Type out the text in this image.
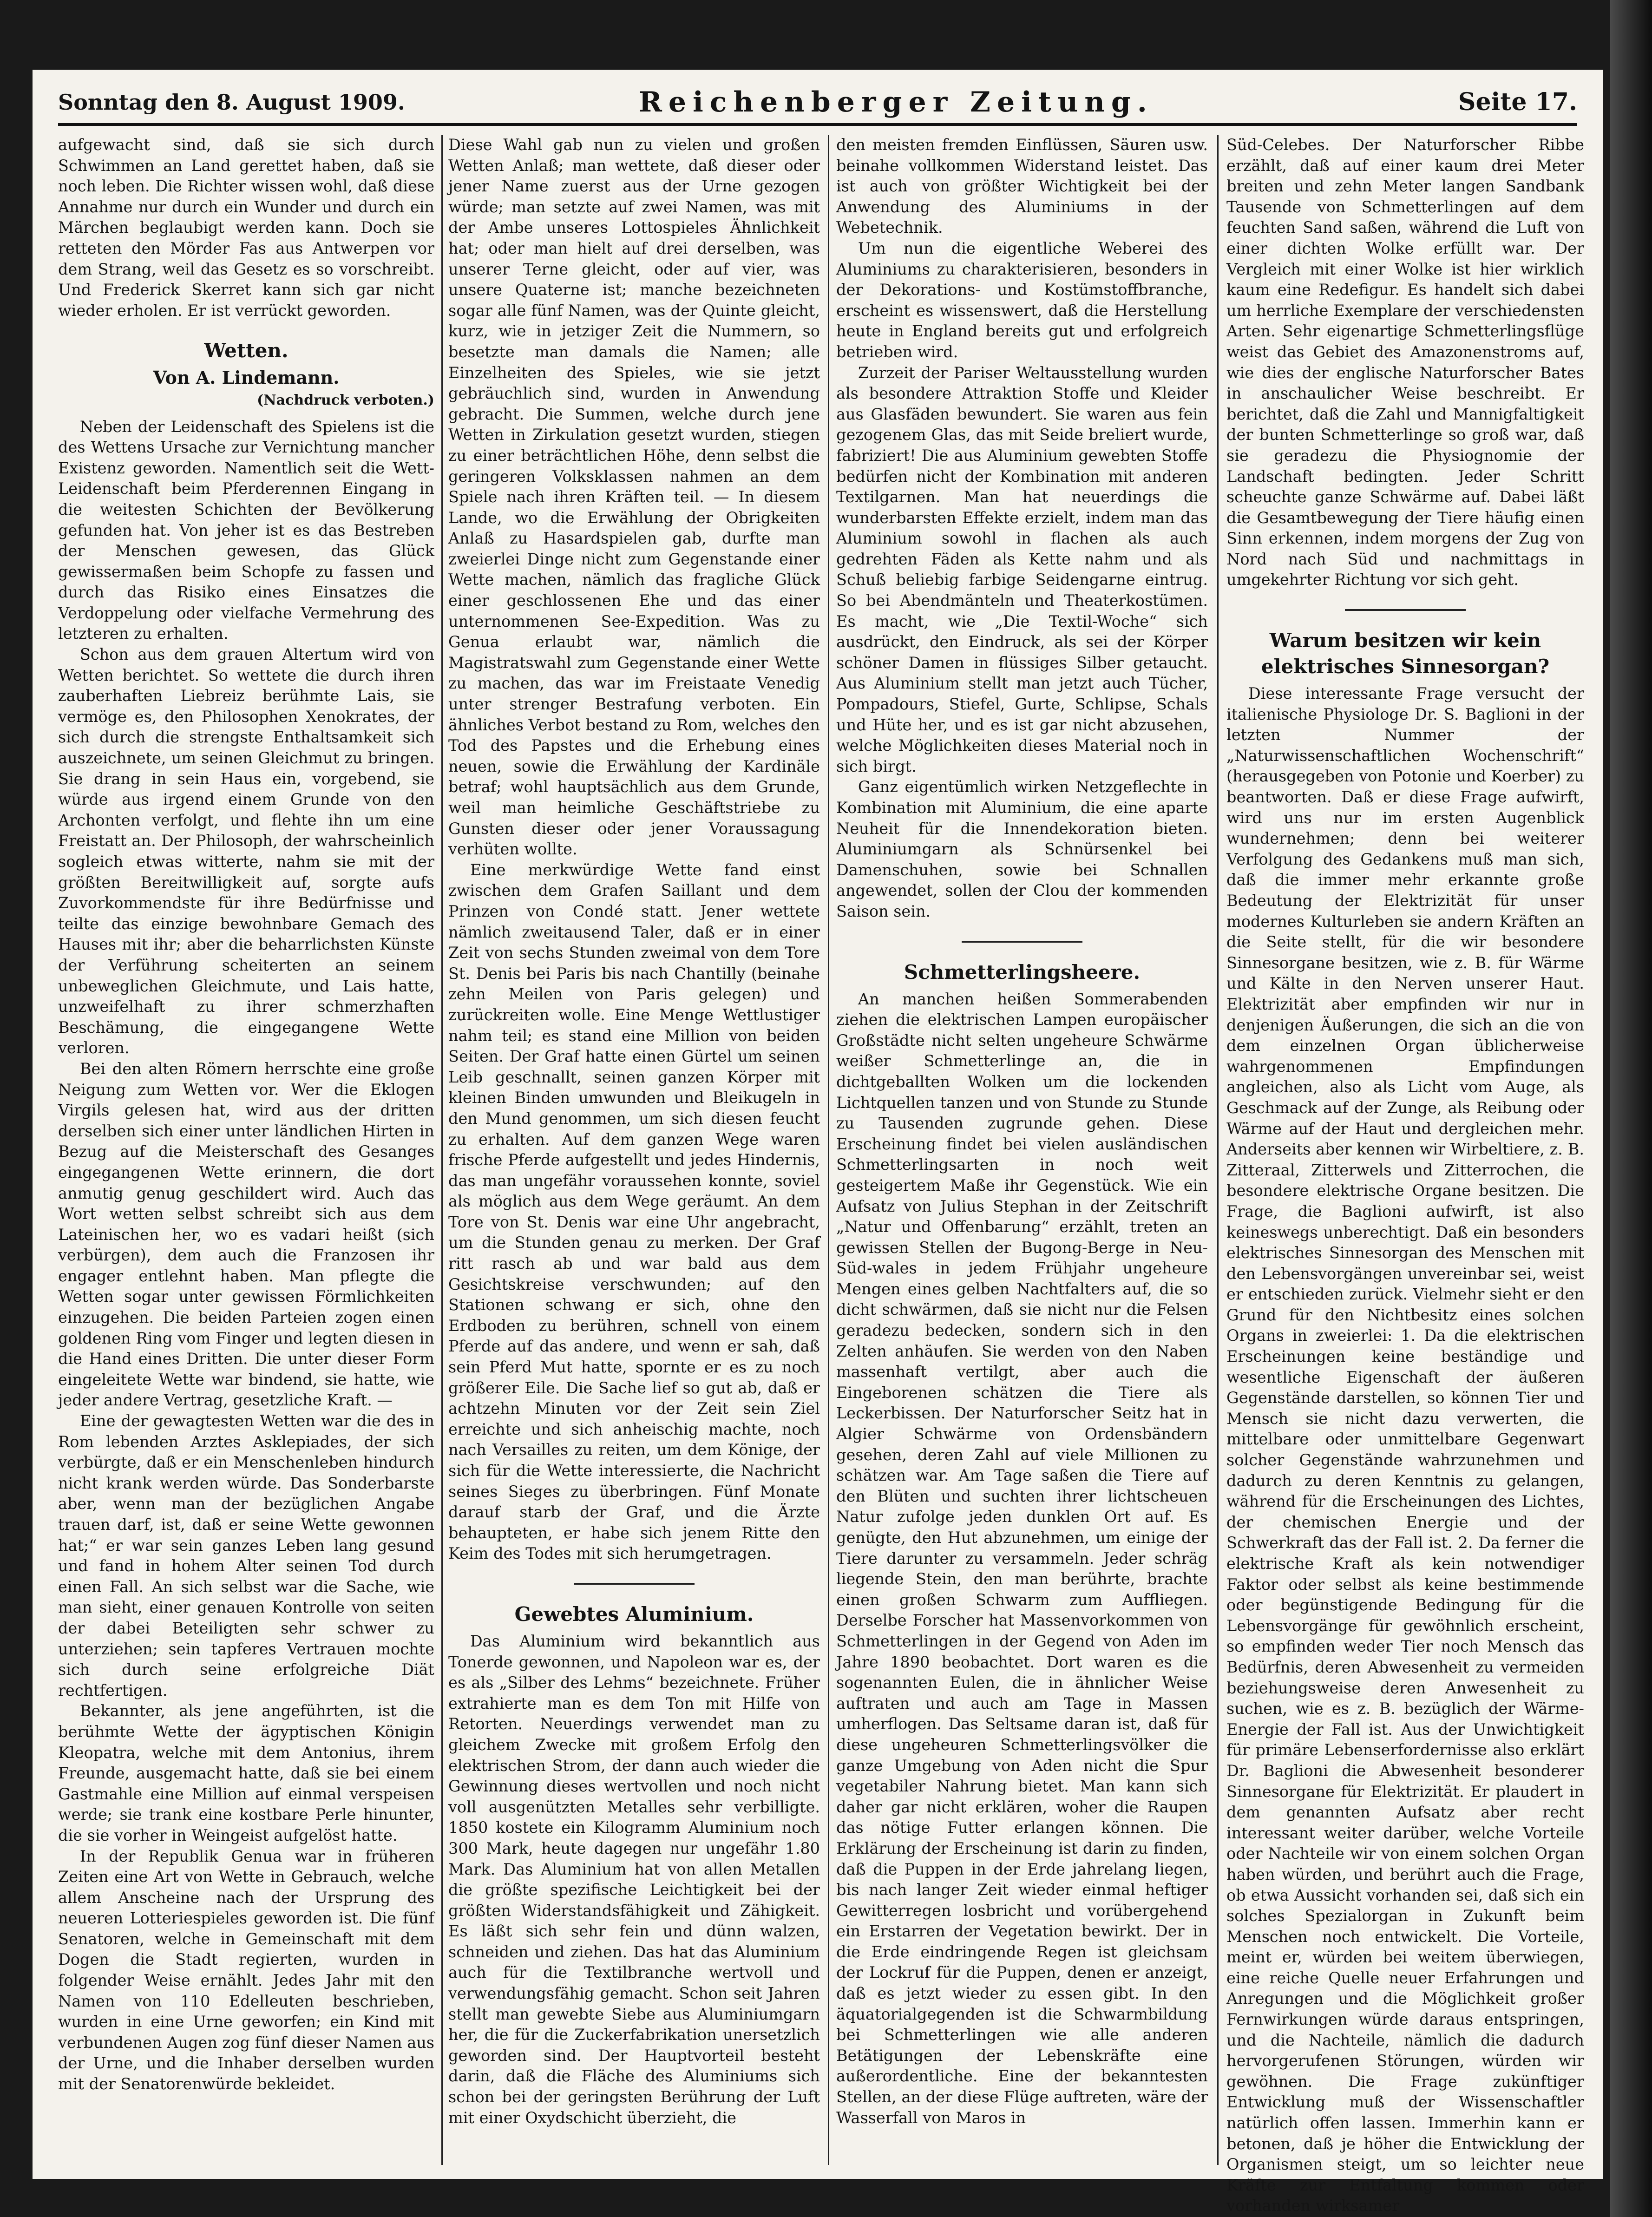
Sonntag den 8. August 1909.	Reichenberger Zeitung.	Seite 17.

aufgewacht sind, daß sie sich durch Schwimmen an Land gerettet haben, daß sie noch leben. Die Richter wissen wohl, daß diese Annahme nur durch ein Wunder und durch ein Märchen beglaubigt werden kann. Doch sie retteten den Mörder Fas aus Antwerpen vor dem Strang, weil das Gesetz es so vorschreibt. Und Frederick Skerret kann sich gar nicht wieder erholen. Er ist verrückt geworden.

Wetten.
Von A. Lindemann.
(Nachdruck verboten.)

Neben der Leidenschaft des Spielens ist die des Wettens Ursache zur Vernichtung mancher Existenz geworden. Namentlich seit die Wett-Leidenschaft beim Pferderennen Eingang in die weitesten Schichten der Bevölkerung gefunden hat. Von jeher ist es das Bestreben der Menschen gewesen, das Glück gewissermaßen beim Schopfe zu fassen und durch das Risiko eines Einsatzes die Verdoppelung oder vielfache Vermehrung des letzteren zu erhalten.

Schon aus dem grauen Altertum wird von Wetten berichtet. So wettete die durch ihren zauberhaften Liebreiz berühmte Lais, sie vermöge es, den Philosophen Xenokrates, der sich durch die strengste Enthaltsamkeit sich auszeichnete, um seinen Gleichmut zu bringen. Sie drang in sein Haus ein, vorgebend, sie würde aus irgend einem Grunde von den Archonten verfolgt, und flehte ihn um eine Freistatt an. Der Philosoph, der wahrscheinlich sogleich etwas witterte, nahm sie mit der größten Bereitwilligkeit auf, sorgte aufs Zuvorkommendste für ihre Bedürfnisse und teilte das einzige bewohnbare Gemach des Hauses mit ihr; aber die beharrlichsten Künste der Verführung scheiterten an seinem unbeweglichen Gleichmute, und Lais hatte, unzweifelhaft zu ihrer schmerzhaften Beschämung, die eingegangene Wette verloren.

Bei den alten Römern herrschte eine große Neigung zum Wetten vor. Wer die Eklogen Virgils gelesen hat, wird aus der dritten derselben sich einer unter ländlichen Hirten in Bezug auf die Meisterschaft des Gesanges eingegangenen Wette erinnern, die dort anmutig genug geschildert wird. Auch das Wort wetten selbst schreibt sich aus dem Lateinischen her, wo es vadari heißt (sich verbürgen), dem auch die Franzosen ihr engager entlehnt haben. Man pflegte die Wetten sogar unter gewissen Förmlichkeiten einzugehen. Die beiden Parteien zogen einen goldenen Ring vom Finger und legten diesen in die Hand eines Dritten. Die unter dieser Form eingeleitete Wette war bindend, sie hatte, wie jeder andere Vertrag, gesetzliche Kraft. —

Eine der gewagtesten Wetten war die des in Rom lebenden Arztes Asklepiades, der sich verbürgte, daß er ein Menschenleben hindurch nicht krank werden würde. Das Sonderbarste aber, wenn man der bezüglichen Angabe trauen darf, ist, daß er seine Wette gewonnen hat;“ er war sein ganzes Leben lang gesund und fand in hohem Alter seinen Tod durch einen Fall. An sich selbst war die Sache, wie man sieht, einer genauen Kontrolle von seiten der dabei Beteiligten sehr schwer zu unterziehen; sein tapferes Vertrauen mochte sich durch seine erfolgreiche Diät rechtfertigen.

Bekannter, als jene angeführten, ist die berühmte Wette der ägyptischen Königin Kleopatra, welche mit dem Antonius, ihrem Freunde, ausgemacht hatte, daß sie bei einem Gastmahle eine Million auf einmal verspeisen werde; sie trank eine kostbare Perle hinunter, die sie vorher in Weingeist aufgelöst hatte.

In der Republik Genua war in früheren Zeiten eine Art von Wette in Gebrauch, welche allem Anscheine nach der Ursprung des neueren Lotteriespieles geworden ist. Die fünf Senatoren, welche in Gemeinschaft mit dem Dogen die Stadt regierten, wurden in folgender Weise ernählt. Jedes Jahr mit den Namen von 110 Edelleuten beschrieben, wurden in eine Urne geworfen; ein Kind mit verbundenen Augen zog fünf dieser Namen aus der Urne, und die Inhaber derselben wurden mit der Senatorenwürde bekleidet.

Diese Wahl gab nun zu vielen und großen Wetten Anlaß; man wettete, daß dieser oder jener Name zuerst aus der Urne gezogen würde; man setzte auf zwei Namen, was mit der Ambe unseres Lottospieles Ähnlichkeit hat; oder man hielt auf drei derselben, was unserer Terne gleicht, oder auf vier, was unsere Quaterne ist; manche bezeichneten sogar alle fünf Namen, was der Quinte gleicht, kurz, wie in jetziger Zeit die Nummern, so besetzte man damals die Namen; alle Einzelheiten des Spieles, wie sie jetzt gebräuchlich sind, wurden in Anwendung gebracht. Die Summen, welche durch jene Wetten in Zirkulation gesetzt wurden, stiegen zu einer beträchtlichen Höhe, denn selbst die geringeren Volksklassen nahmen an dem Spiele nach ihren Kräften teil. — In diesem Lande, wo die Erwählung der Obrigkeiten Anlaß zu Hasardspielen gab, durfte man zweierlei Dinge nicht zum Gegenstande einer Wette machen, nämlich das fragliche Glück einer geschlossenen Ehe und das einer unternommenen See-Expedition. Was zu Genua erlaubt war, nämlich die Magistratswahl zum Gegenstande einer Wette zu machen, das war im Freistaate Venedig unter strenger Bestrafung verboten. Ein ähnliches Verbot bestand zu Rom, welches den Tod des Papstes und die Erhebung eines neuen, sowie die Erwählung der Kardinäle betraf; wohl hauptsächlich aus dem Grunde, weil man heimliche Geschäftstriebe zu Gunsten dieser oder jener Voraussagung verhüten wollte.

Eine merkwürdige Wette fand einst zwischen dem Grafen Saillant und dem Prinzen von Condé statt. Jener wettete nämlich zweitausend Taler, daß er in einer Zeit von sechs Stunden zweimal von dem Tore St. Denis bei Paris bis nach Chantilly (beinahe zehn Meilen von Paris gelegen) und zurückreiten wolle. Eine Menge Wettlustiger nahm teil; es stand eine Million von beiden Seiten. Der Graf hatte einen Gürtel um seinen Leib geschnallt, seinen ganzen Körper mit kleinen Binden umwunden und Bleikugeln in den Mund genommen, um sich diesen feucht zu erhalten. Auf dem ganzen Wege waren frische Pferde aufgestellt und jedes Hindernis, das man ungefähr voraussehen konnte, soviel als möglich aus dem Wege geräumt. An dem Tore von St. Denis war eine Uhr angebracht, um die Stunden genau zu merken. Der Graf ritt rasch ab und war bald aus dem Gesichtskreise verschwunden; auf den Stationen schwang er sich, ohne den Erdboden zu berühren, schnell von einem Pferde auf das andere, und wenn er sah, daß sein Pferd Mut hatte, spornte er es zu noch größerer Eile. Die Sache lief so gut ab, daß er achtzehn Minuten vor der Zeit sein Ziel erreichte und sich anheischig machte, noch nach Versailles zu reiten, um dem Könige, der sich für die Wette interessierte, die Nachricht seines Sieges zu überbringen. Fünf Monate darauf starb der Graf, und die Ärzte behaupteten, er habe sich jenem Ritte den Keim des Todes mit sich herumgetragen.

Gewebtes Aluminium.

Das Aluminium wird bekanntlich aus Tonerde gewonnen, und Napoleon war es, der es als „Silber des Lehms“ bezeichnete. Früher extrahierte man es dem Ton mit Hilfe von Retorten. Neuerdings verwendet man zu gleichem Zwecke mit großem Erfolg den elektrischen Strom, der dann auch wieder die Gewinnung dieses wertvollen und noch nicht voll ausgenützten Metalles sehr verbilligte. 1850 kostete ein Kilogramm Aluminium noch 300 Mark, heute dagegen nur ungefähr 1.80 Mark. Das Aluminium hat von allen Metallen die größte spezifische Leichtigkeit bei der größten Widerstandsfähigkeit und Zähigkeit. Es läßt sich sehr fein und dünn walzen, schneiden und ziehen. Das hat das Aluminium auch für die Textilbranche wertvoll und verwendungsfähig gemacht. Schon seit Jahren stellt man gewebte Siebe aus Aluminiumgarn her, die für die Zuckerfabrikation unersetzlich geworden sind. Der Hauptvorteil besteht darin, daß die Fläche des Aluminiums sich schon bei der geringsten Berührung der Luft mit einer Oxydschicht überzieht, die

den meisten fremden Einflüssen, Säuren usw. beinahe vollkommen Widerstand leistet. Das ist auch von größter Wichtigkeit bei der Anwendung des Aluminiums in der Webetechnik.

Um nun die eigentliche Weberei des Aluminiums zu charakterisieren, besonders in der Dekorations- und Kostümstoffbranche, erscheint es wissenswert, daß die Herstellung heute in England bereits gut und erfolgreich betrieben wird.

Zurzeit der Pariser Weltausstellung wurden als besondere Attraktion Stoffe und Kleider aus Glasfäden bewundert. Sie waren aus fein gezogenem Glas, das mit Seide breliert wurde, fabriziert! Die aus Aluminium gewebten Stoffe bedürfen nicht der Kombination mit anderen Textilgarnen. Man hat neuerdings die wunderbarsten Effekte erzielt, indem man das Aluminium sowohl in flachen als auch gedrehten Fäden als Kette nahm und als Schuß beliebig farbige Seidengarne eintrug. So bei Abendmänteln und Theaterkostümen. Es macht, wie „Die Textil-Woche“ sich ausdrückt, den Eindruck, als sei der Körper schöner Damen in flüssiges Silber getaucht. Aus Aluminium stellt man jetzt auch Tücher, Pompadours, Stiefel, Gurte, Schlipse, Schals und Hüte her, und es ist gar nicht abzusehen, welche Möglichkeiten dieses Material noch in sich birgt.

Ganz eigentümlich wirken Netzgeflechte in Kombination mit Aluminium, die eine aparte Neuheit für die Innendekoration bieten. Aluminiumgarn als Schnürsenkel bei Damenschuhen, sowie bei Schnallen angewendet, sollen der Clou der kommenden Saison sein.

Schmetterlingsheere.

An manchen heißen Sommerabenden ziehen die elektrischen Lampen europäischer Großstädte nicht selten ungeheure Schwärme weißer Schmetterlinge an, die in dichtgeballten Wolken um die lockenden Lichtquellen tanzen und von Stunde zu Stunde zu Tausenden zugrunde gehen. Diese Erscheinung findet bei vielen ausländischen Schmetterlingsarten in noch weit gesteigertem Maße ihr Gegenstück. Wie ein Aufsatz von Julius Stephan in der Zeitschrift „Natur und Offenbarung“ erzählt, treten an gewissen Stellen der Bugong-Berge in Neu-Süd-wales in jedem Frühjahr ungeheure Mengen eines gelben Nachtfalters auf, die so dicht schwärmen, daß sie nicht nur die Felsen geradezu bedecken, sondern sich in den Zelten anhäufen. Sie werden von den Naben massenhaft vertilgt, aber auch die Eingeborenen schätzen die Tiere als Leckerbissen. Der Naturforscher Seitz hat in Algier Schwärme von Ordensbändern gesehen, deren Zahl auf viele Millionen zu schätzen war. Am Tage saßen die Tiere auf den Blüten und suchten ihrer lichtscheuen Natur zufolge jeden dunklen Ort auf. Es genügte, den Hut abzunehmen, um einige der Tiere darunter zu versammeln. Jeder schräg liegende Stein, den man berührte, brachte einen großen Schwarm zum Auffliegen. Derselbe Forscher hat Massenvorkommen von Schmetterlingen in der Gegend von Aden im Jahre 1890 beobachtet. Dort waren es die sogenannten Eulen, die in ähnlicher Weise auftraten und auch am Tage in Massen umherflogen. Das Seltsame daran ist, daß für diese ungeheuren Schmetterlingsvölker die ganze Umgebung von Aden nicht die Spur vegetabiler Nahrung bietet. Man kann sich daher gar nicht erklären, woher die Raupen das nötige Futter erlangen können. Die Erklärung der Erscheinung ist darin zu finden, daß die Puppen in der Erde jahrelang liegen, bis nach langer Zeit wieder einmal heftiger Gewitterregen losbricht und vorübergehend ein Erstarren der Vegetation bewirkt. Der in die Erde eindringende Regen ist gleichsam der Lockruf für die Puppen, denen er anzeigt, daß es jetzt wieder zu essen gibt. In den äquatorialgegenden ist die Schwarmbildung bei Schmetterlingen wie alle anderen Betätigungen der Lebenskräfte eine außerordentliche. Eine der bekanntesten Stellen, an der diese Flüge auftreten, wäre der Wasserfall von Maros in

Süd-Celebes. Der Naturforscher Ribbe erzählt, daß auf einer kaum drei Meter breiten und zehn Meter langen Sandbank Tausende von Schmetterlingen auf dem feuchten Sand saßen, während die Luft von einer dichten Wolke erfüllt war. Der Vergleich mit einer Wolke ist hier wirklich kaum eine Redefigur. Es handelt sich dabei um herrliche Exemplare der verschiedensten Arten. Sehr eigenartige Schmetterlingsflüge weist das Gebiet des Amazonenstroms auf, wie dies der englische Naturforscher Bates in anschaulicher Weise beschreibt. Er berichtet, daß die Zahl und Mannigfaltigkeit der bunten Schmetterlinge so groß war, daß sie geradezu die Physiognomie der Landschaft bedingten. Jeder Schritt scheuchte ganze Schwärme auf. Dabei läßt die Gesamtbewegung der Tiere häufig einen Sinn erkennen, indem morgens der Zug von Nord nach Süd und nachmittags in umgekehrter Richtung vor sich geht.

Warum besitzen wir kein elektrisches Sinnesorgan?

Diese interessante Frage versucht der italienische Physiologe Dr. S. Baglioni in der letzten Nummer der „Naturwissenschaftlichen Wochenschrift“ (herausgegeben von Potonie und Koerber) zu beantworten. Daß er diese Frage aufwirft, wird uns nur im ersten Augenblick wundernehmen; denn bei weiterer Verfolgung des Gedankens muß man sich, daß die immer mehr erkannte große Bedeutung der Elektrizität für unser modernes Kulturleben sie andern Kräften an die Seite stellt, für die wir besondere Sinnesorgane besitzen, wie z. B. für Wärme und Kälte in den Nerven unserer Haut. Elektrizität aber empfinden wir nur in denjenigen Äußerungen, die sich an die von dem einzelnen Organ üblicherweise wahrgenommenen Empfindungen angleichen, also als Licht vom Auge, als Geschmack auf der Zunge, als Reibung oder Wärme auf der Haut und dergleichen mehr. Anderseits aber kennen wir Wirbeltiere, z. B. Zitteraal, Zitterwels und Zitterrochen, die besondere elektrische Organe besitzen. Die Frage, die Baglioni aufwirft, ist also keineswegs unberechtigt. Daß ein besonders elektrisches Sinnesorgan des Menschen mit den Lebensvorgängen unvereinbar sei, weist er entschieden zurück. Vielmehr sieht er den Grund für den Nichtbesitz eines solchen Organs in zweierlei: 1. Da die elektrischen Erscheinungen keine beständige und wesentliche Eigenschaft der äußeren Gegenstände darstellen, so können Tier und Mensch sie nicht dazu verwerten, die mittelbare oder unmittelbare Gegenwart solcher Gegenstände wahrzunehmen und dadurch zu deren Kenntnis zu gelangen, während für die Erscheinungen des Lichtes, der chemischen Energie und der Schwerkraft das der Fall ist. 2. Da ferner die elektrische Kraft als kein notwendiger Faktor oder selbst als keine bestimmende oder begünstigende Bedingung für die Lebensvorgänge für gewöhnlich erscheint, so empfinden weder Tier noch Mensch das Bedürfnis, deren Abwesenheit zu vermeiden beziehungsweise deren Anwesenheit zu suchen, wie es z. B. bezüglich der Wärme-Energie der Fall ist. Aus der Unwichtigkeit für primäre Lebenserfordernisse also erklärt Dr. Baglioni die Abwesenheit besonderer Sinnesorgane für Elektrizität. Er plaudert in dem genannten Aufsatz aber recht interessant weiter darüber, welche Vorteile oder Nachteile wir von einem solchen Organ haben würden, und berührt auch die Frage, ob etwa Aussicht vorhanden sei, daß sich ein solches Spezialorgan in Zukunft beim Menschen noch entwickelt. Die Vorteile, meint er, würden bei weitem überwiegen, eine reiche Quelle neuer Erfahrungen und Anregungen und die Möglichkeit großer Fernwirkungen würde daraus entspringen, und die Nachteile, nämlich die dadurch hervorgerufenen Störungen, würden wir gewöhnen. Die Frage zukünftiger Entwicklung muß der Wissenschaftler natürlich offen lassen. Immerhin kann er betonen, daß je höher die Entwicklung der Organismen steigt, um so leichter neue Kräfte zur Entfaltung kommen oder vorhanden wirksamer
